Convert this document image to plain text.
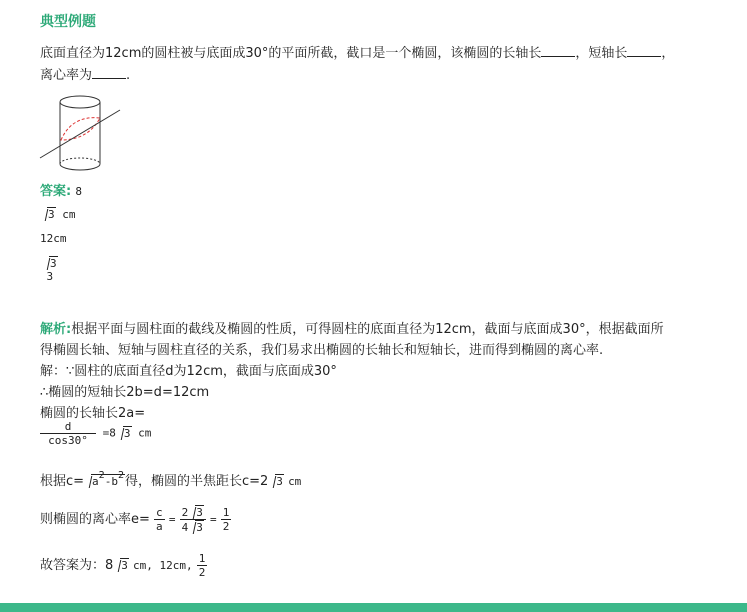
典型例题
底面直径为12cm的圆柱被与底面成30°的平面所截，截口是一个椭圆，该椭圆的长轴长	，短轴长	，
离心率为	.
答案: 8
3 cm
12cm
3
3
解析:根据平面与圆柱面的截线及椭圆的性质，可得圆柱的底面直径为12cm，截面与底面成30°，根据截面所
得椭圆长轴、短轴与圆柱直径的关系，我们易求出椭圆的长轴长和短轴长，进而得到椭圆的离心率.
解：∵圆柱的底面直径d为12cm，截面与底面成30°
∴椭圆的短轴长2b=d=12cm
椭圆的长轴长2a=
$\frac{d}{\cos 30^\circ} =8$ 3 cm
根据c= a2-b2得，椭圆的半焦距长c=2 3 cm
则椭圆的离心率$e= \frac{c}{a} = \frac{2 3}{4 3} = \frac{1}{2}$
故答案为：8 3 cm, 12cm, $\frac{1}{2}$
